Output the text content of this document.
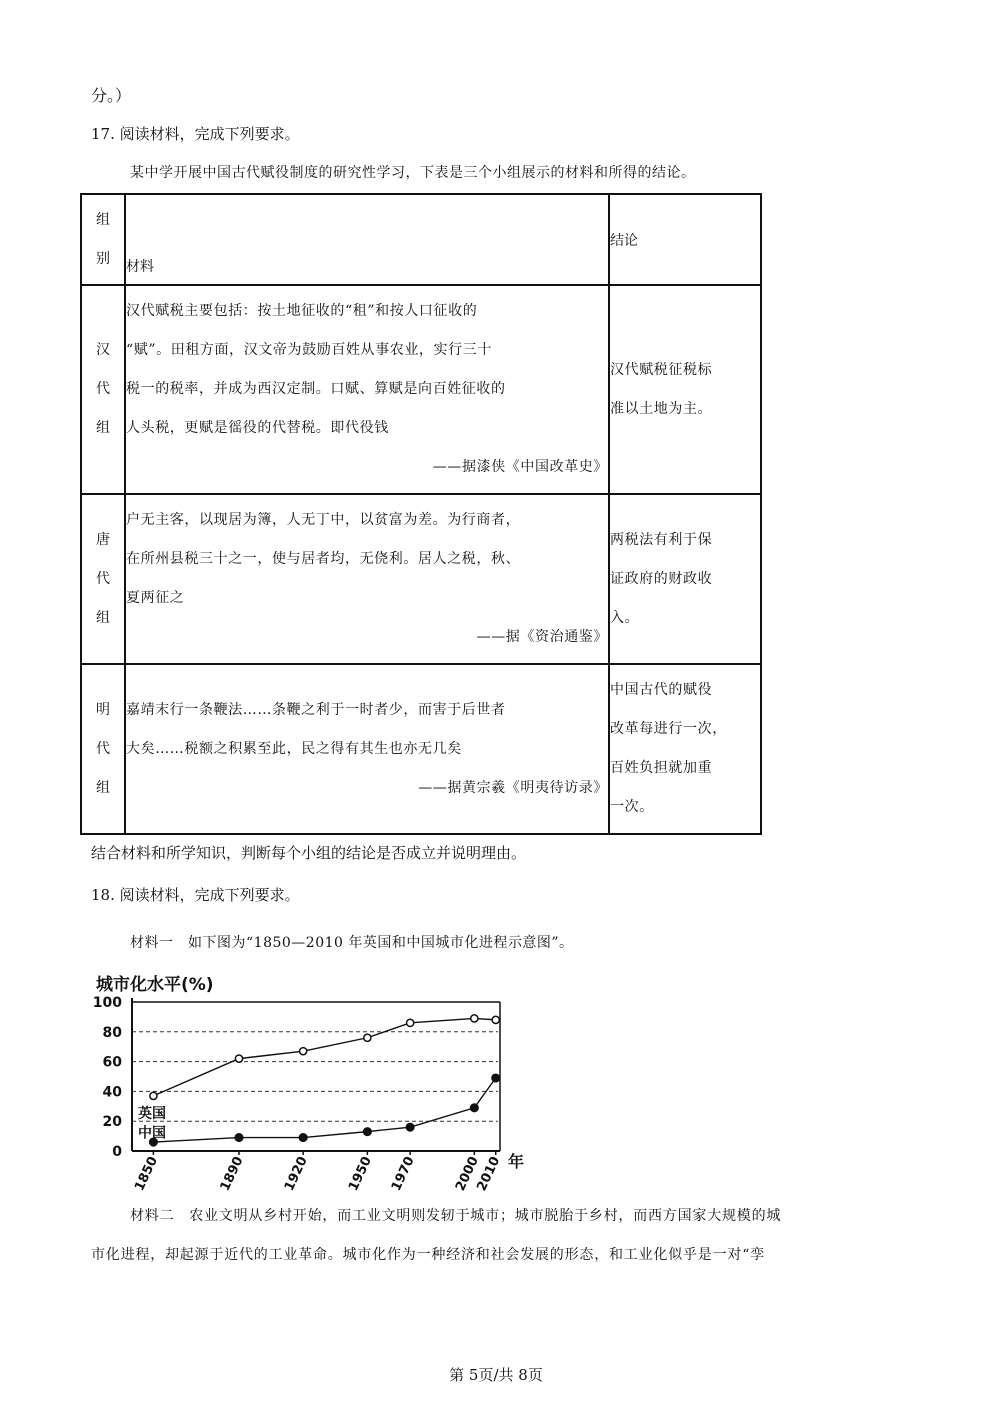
分。）
17. 阅读材料，完成下列要求。
某中学开展中国古代赋役制度的研究性学习，下表是三个小组展示的材料和所得的结论。
组
别	材料	结论

汉
代
组	汉代赋税主要包括：按土地征收的“租”和按人口征收的
“赋”。田租方面，汉文帝为鼓励百姓从事农业，实行三十
税一的税率，并成为西汉定制。口赋、算赋是向百姓征收的
人头税，更赋是徭役的代替税。即代役钱
——据漆侠《中国改革史》	汉代赋税征税标
准以土地为主。

唐
代
组	户无主客，以现居为簿，人无丁中，以贫富为差。为行商者，
在所州县税三十之一，使与居者均，无侥利。居人之税，秋、
夏两征之
——据《资治通鉴》	两税法有利于保
证政府的财政收
入。

明
代
组	嘉靖末行一条鞭法……条鞭之利于一时者少，而害于后世者
大矣……税额之积累至此，民之得有其生也亦无几矣
——据黄宗羲《明夷待访录》	中国古代的赋役
改革每进行一次，
百姓负担就加重
一次。
结合材料和所学知识，判断每个小组的结论是否成立并说明理由。
18. 阅读材料，完成下列要求。
材料一　如下图为“1850—2010 年英国和中国城市化进程示意图”。
城市化水平(%)
0
20
40
60
80
100
1850	1890	1920	1950 1970	2000
2010 年
英国
中国
材料二　农业文明从乡村开始，而工业文明则发轫于城市；城市脱胎于乡村，而西方国家大规模的城
市化进程，却起源于近代的工业革命。城市化作为一种经济和社会发展的形态，和工业化似乎是一对“孪
第 5页/共 8页
